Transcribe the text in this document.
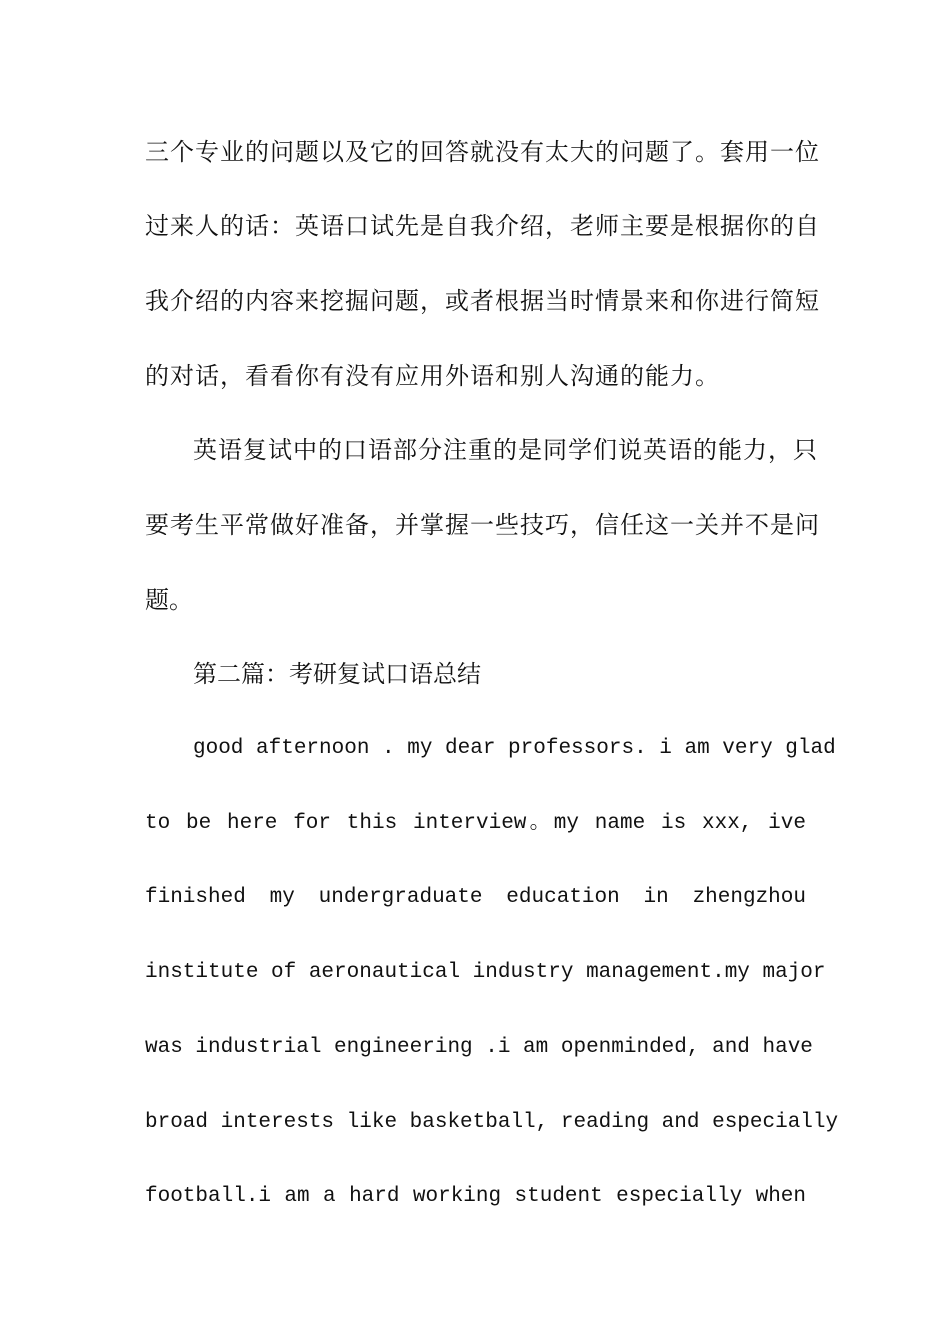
三个专业的问题以及它的回答就没有太大的问题了。套用一位
过来人的话：英语口试先是自我介绍，老师主要是根据你的自
我介绍的内容来挖掘问题，或者根据当时情景来和你进行简短
的对话，看看你有没有应用外语和别人沟通的能力。
英语复试中的口语部分注重的是同学们说英语的能力，只
要考生平常做好准备，并掌握一些技巧，信任这一关并不是问
题。
第二篇：考研复试口语总结
good afternoon . my dear professors. i am very glad
to be here for this interview。my name is xxx, ive
finished my undergraduate education in zhengzhou
institute of aeronautical industry management.my major
was industrial engineering .i am openminded, and have
broad interests like basketball, reading and especially
football.i am a hard working student especially when
